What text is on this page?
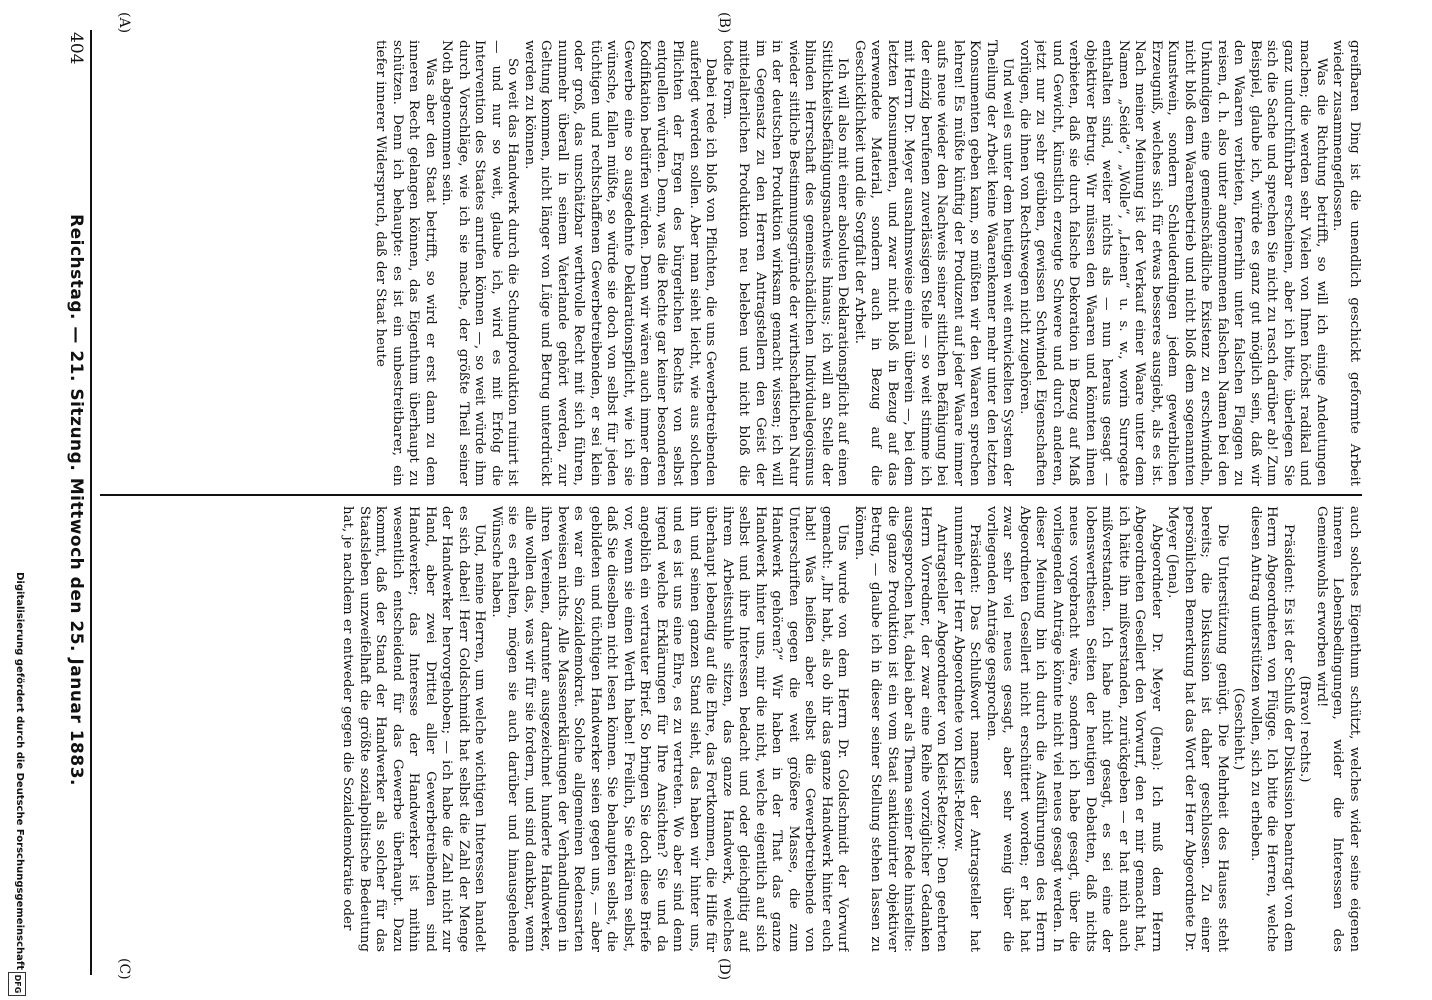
404
Reichstag. — 21. Sitzung. Mittwoch den 25. Januar 1883.
(A)	(B)
(C)	(D)

greifbaren Ding ist die unendlich geschickt geformte Arbeit wieder zusammengeflossen.

Was die Richtung betrifft, so will ich einige Andeutungen machen; die werden sehr Vielen von Ihnen höchst radikal und ganz undurchführbar erscheinen, aber ich bitte, überlegen Sie sich die Sache und sprechen Sie nicht zu rasch darüber ab! Zum Beispiel, glaube ich, würde es ganz gut möglich sein, daß wir den Waaren verbieten, fernerhin unter falschen Flaggen zu reisen, d. h. also unter angenommenen falschen Namen bei den Unkundigen eine gemeinschädliche Existenz zu erschwindeln, nicht bloß dem Waarenbetrieb und nicht bloß dem sogenannten Kunstwein, sondern Schleuderdingen jedem gewerblichen Erzeugniß, welches sich für etwas besseres ausgiebt, als es ist. Nach meiner Meinung ist der Verkauf einer Waare unter dem Namen „Seide“, „Wolle“, „Leinen“ u. s. w., worin Surrogate enthalten sind, weiter nichts als — nun heraus gesagt — objektiver Betrug. Wir müssen den Waaren und könnten ihnen verbieten, daß sie durch falsche Dekoration in Bezug auf Maß und Gewicht, künstlich erzeugte Schwere und durch anderen, jetzt nur zu sehr geübten, gewissen Schwindel Eigenschaften vorlügen, die ihnen von Rechtswegen nicht zugehören.

Und weil es unter dem heutigen weit entwickelten System der Theilung der Arbeit keine Waarenkenner mehr unter den letzten Konsumenten geben kann, so müßten wir den Waaren sprechen lehren! Es müßte künftig der Produzent auf jeder Waare immer aufs neue wieder den Nachweis seiner sittlichen Befähigung bei der einzig berufenen zuverlässigen Stelle — so weit stimme ich mit Herrn Dr. Meyer ausnahmsweise einmal überein —, bei dem letzten Konsumenten, und zwar nicht bloß in Bezug auf das verwendete Material, sondern auch in Bezug auf die Geschicklichkeit und die Sorgfalt der Arbeit.

Ich will also mit einer absoluten Deklarationspflicht auf einen Sittlichkeitsbefähigungsnachweis hinaus; ich will an Stelle der blinden Herrschaft des gemeinschädlichen Individualegoismus wieder sittliche Bestimmungsgründe der wirthschaftlichen Natur in der deutschen Produktion wirksam gemacht wissen; ich will im Gegensatz zu den Herren Antragstellern den Geist der mittelalterlichen Produktion neu beleben und nicht bloß die todte Form.

Dabei rede ich bloß von Pflichten, die uns Gewerbetreibenden auferlegt werden sollen. Aber man sieht leicht, wie aus solchen Pflichten der Ergen des bürgerlichen Rechts von selbst entquellen würden. Denn, was die Rechte gar keiner besonderen Kodifikation bedürfen würden. Denn wir wären auch immer dem Gewerbe eine so ausgedehnte Deklarationspflicht, wie ich sie wünsche, fallen müßte, so würde sie doch von selbst für jeden tüchtigen und rechtschaffenen Gewerbetreibenden, er sei klein oder groß, das unschätzbar werthvolle Recht mit sich führen, nunmehr überall in seinem Vaterlande gehört werden, zur Geltung kommen, nicht länger von Lüge und Betrug unterdrückt werden zu können.

So weit das Handwerk durch die Schundproduktion ruinirt ist — und nur so weit, glaube ich, wird es mit Erfolg die Intervention des Staates anrufen können —, so weit würde ihm durch Vorschläge, wie ich sie mache, der größte Theil seiner Noth abgenommen sein.

Was aber den Staat betrifft, so wird er erst dann zu dem inneren Recht gelangen können, das Eigenthum überhaupt zu schützen. Denn ich behaupte: es ist ein unbestreitbarer, ein tiefer innerer Widerspruch, daß der Staat heute

auch solches Eigenthum schützt, welches wider seine eigenen inneren Lebensbedingungen, wider die Interessen des Gemeinwohls erworben wird!

(Bravo! rechts.)

Präsident: Es ist der Schluß der Diskussion beantragt von dem Herrn Abgeordneten von Flügge. Ich bitte die Herren, welche diesen Antrag unterstützen wollen, sich zu erheben.

(Geschieht.)

Die Unterstützung genügt. Die Mehrheit des Hauses steht bereits; die Diskussion ist daher geschlossen. Zu einer persönlichen Bemerkung hat das Wort der Herr Abgeordnete Dr. Meyer (Jena).

Abgeordneter Dr. Meyer (Jena): Ich muß dem Herrn Abgeordneten Gesellert den Vorwurf, den er mir gemacht hat, ich hätte ihn mißverstanden, zurückgeben — er hat mich auch mißverstanden. Ich habe nicht gesagt, es sei eine der lobenswerthesten Seiten der heutigen Debatten, daß nichts neues vorgebracht wäre, sondern ich habe gesagt, über die vorliegenden Anträge könnte nicht viel neues gesagt werden. In dieser Meinung bin ich durch die Ausführungen des Herrn Abgeordneten Gesellert nicht erschüttert worden; er hat hat zwar sehr viel neues gesagt, aber sehr wenig über die vorliegenden Anträge gesprochen.

Präsident: Das Schlußwort namens der Antragsteller hat nunmehr der Herr Abgeordnete von Kleist-Retzow.

Antragsteller Abgeordneter von Kleist-Retzow: Den geehrten Herrn Vorredner, der zwar eine Reihe vorzüglicher Gedanken ausgesprochen hat, dabei aber als Thema seiner Rede hinstellte: die ganze Produktion ist ein vom Staat sanktionirter objektiver Betrug, — glaube ich in dieser seiner Stellung stehen lassen zu können.

Uns wurde von dem Herrn Dr. Goldschmidt der Vorwurf gemacht: „Ihr habt, als ob ihr das ganze Handwerk hinter euch habt! Was heißen aber selbst die Gewerbetreibende von Unterschriften gegen die weit größere Masse, die zum Handwerk gehören?“ Wir haben in der That das ganze Handwerk hinter uns, mir die nicht, welche eigentlich auf sich selbst und ihre Interessen bedacht und oder gleichgiltig auf ihrem Arbeitsstuhle sitzen, das ganze Handwerk, welches überhaupt lebendig auf die Ehre, das Fortkommen, die Hilfe für ihn und seinen ganzen Stand sieht, das haben wir hinter uns, und es ist uns eine Ehre, es zu vertreten. Wo aber sind denn irgend welche Erklärungen für Ihre Ansichten? Sie und da angeblich ein vertrauter Brief. So bringen Sie doch diese Briefe vor, wenn sie einen Werth haben! Freilich, Sie erklären selbst, daß Sie dieselben nicht lesen können. Sie behaupten selbst, die gebildeten und tüchtigen Handwerker seien gegen uns, — aber es war ein Sozialdemokrat. Solche allgemeinen Redensarten beweisen nichts. Alle Massenerklärungen der Verhandlungen in ihren Vereinen, darunter ausgezeichnet hunderte Handwerker, alle wollen das, was wir für sie fordern, und sind dankbar, wenn sie es erhalten, mögen sie auch darüber und hinausgehende Wünsche haben.

Und, meine Herren, um welche wichtigen Interessen handelt es sich dabei! Herr Goldschmidt hat selbst die Zahl der Menge der Handwerker hervorgehoben; — ich habe die Zahl nicht zur Hand, aber zwei Drittel aller Gewerbetreibenden sind Handwerker; das Interesse der Handwerker ist mithin wesentlich entscheidend für das Gewerbe überhaupt. Dazu kommt, daß der Stand der Handwerker als solcher für das Staatsleben unzweifelhaft die größte sozialpolitische Bedeutung hat, je nachdem er entweder gegen die Sozialdemokratie oder

Digitalisierung gefördert durch die Deutsche Forschungsgemeinschaft
DFG
